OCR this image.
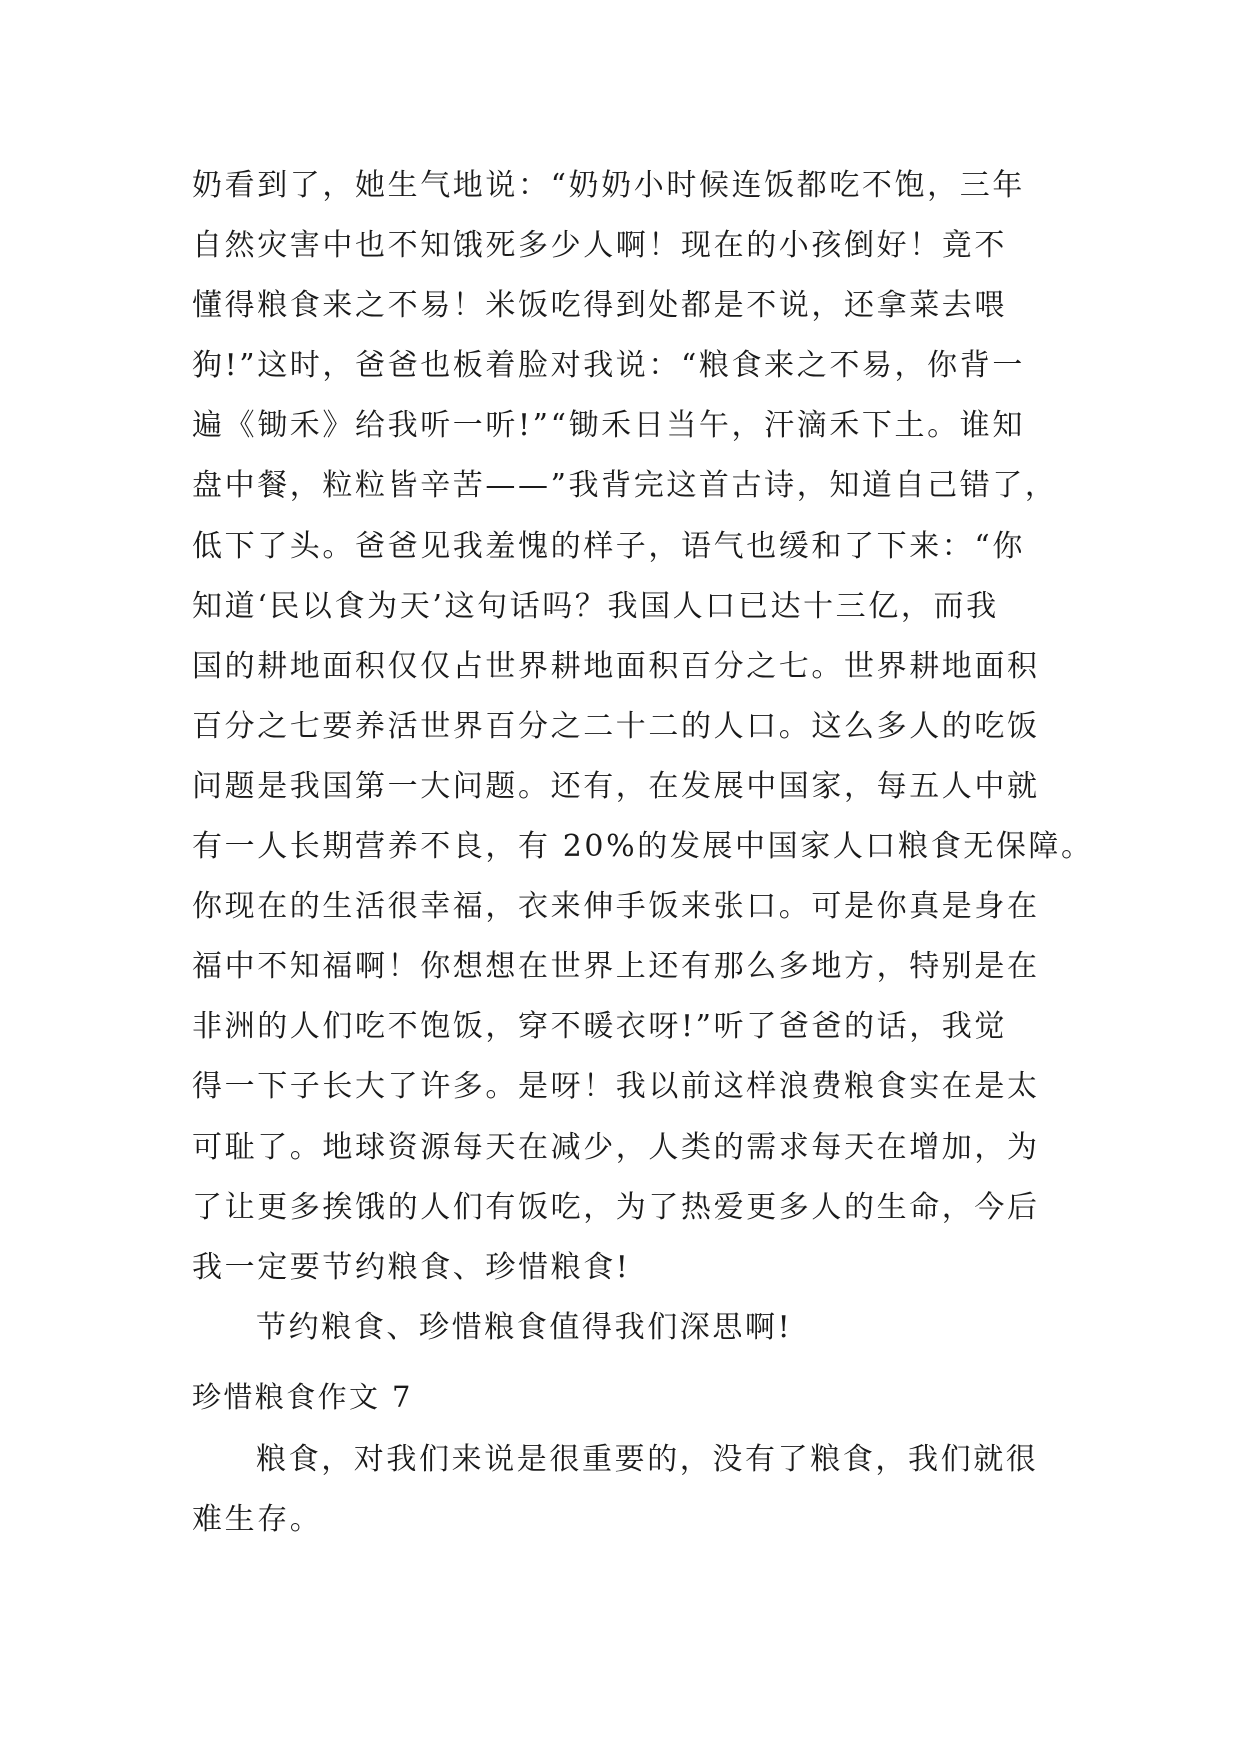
奶看到了，她生气地说：“奶奶小时候连饭都吃不饱，三年
自然灾害中也不知饿死多少人啊！现在的小孩倒好！竟不
懂得粮食来之不易！米饭吃得到处都是不说，还拿菜去喂
狗!”这时，爸爸也板着脸对我说：“粮食来之不易，你背一
遍《锄禾》给我听一听!”“锄禾日当午，汗滴禾下土。谁知
盘中餐，粒粒皆辛苦——”我背完这首古诗，知道自己错了，
低下了头。爸爸见我羞愧的样子，语气也缓和了下来：“你
知道‘民以食为天’这句话吗？我国人口已达十三亿，而我
国的耕地面积仅仅占世界耕地面积百分之七。世界耕地面积
百分之七要养活世界百分之二十二的人口。这么多人的吃饭
问题是我国第一大问题。还有，在发展中国家，每五人中就
有一人长期营养不良，有 20%的发展中国家人口粮食无保障。
你现在的生活很幸福，衣来伸手饭来张口。可是你真是身在
福中不知福啊！你想想在世界上还有那么多地方，特别是在
非洲的人们吃不饱饭，穿不暖衣呀!”听了爸爸的话，我觉
得一下子长大了许多。是呀！我以前这样浪费粮食实在是太
可耻了。地球资源每天在减少，人类的需求每天在增加，为
了让更多挨饿的人们有饭吃，为了热爱更多人的生命，今后
我一定要节约粮食、珍惜粮食!
节约粮食、珍惜粮食值得我们深思啊!
珍惜粮食作文 7
粮食，对我们来说是很重要的，没有了粮食，我们就很
难生存。
